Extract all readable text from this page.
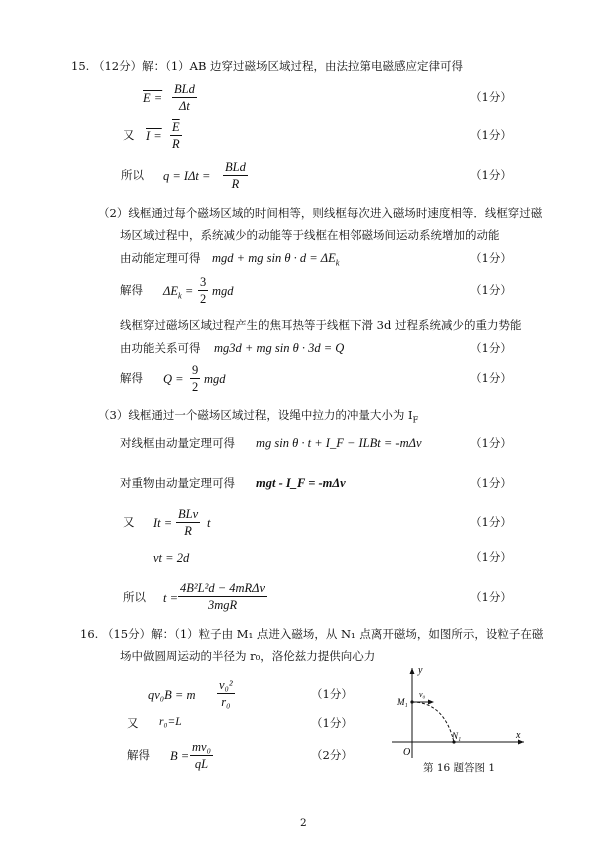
15. （12分）解：（1）AB 边穿过磁场区域过程，由法拉第电磁感应定律可得
E =
BLd
Δt
（1分）
又 $I = \frac{\overline{E}}{R}$	（1分）
所以 q = IΔt =
BLd
R
（1分）
（2）线框通过每个磁场区域的时间相等，则线框每次进入磁场时速度相等．线框穿过磁
场区域过程中，系统减少的动能等于线框在相邻磁场间运动系统增加的动能
由动能定理可得 mgd + mg $\sin \theta \cdot d = \Delta E_k$	（1分）
解得 $\Delta E_k = \frac{3}{2}$ mgd	（1分）
线框穿过磁场区域过程产生的焦耳热等于线框下滑 3d 过程系统减少的重力势能
由功能关系可得 mg3d + mg sin θ · 3d = Q	（1分）
解得 $Q = \frac{9}{2}$ mgd	（1分）
（3）线框通过一个磁场区域过程，设绳中拉力的冲量大小为 $I_F$
对线框由动量定理可得 mg sin θ · t + I_F − ILBt = -mΔv	（1分）
对重物由动量定理可得 mgt - I_F = -mΔv	（1分）
又 It =
BLv
R
t	（1分）
vt = 2d	（1分）
所以 t =
4B²L²d − 4mRΔv
3mgR
（1分）
16. （15分）解：（1）粒子由 M₁ 点进入磁场，从 N₁ 点离开磁场，如图所示，设粒子在磁
场中做圆周运动的半径为 r₀，洛伦兹力提供向心力
qv₀B = m $\frac{\text{v₀²}}{\text{r₀}}$	（1分）
又 r₀=L	（1分）
解得 $B = \frac{\text{mv₀}}{qL}$	（2分）
y
x
O
M₁
N₁
v₀
第 16 题答图 1
2
